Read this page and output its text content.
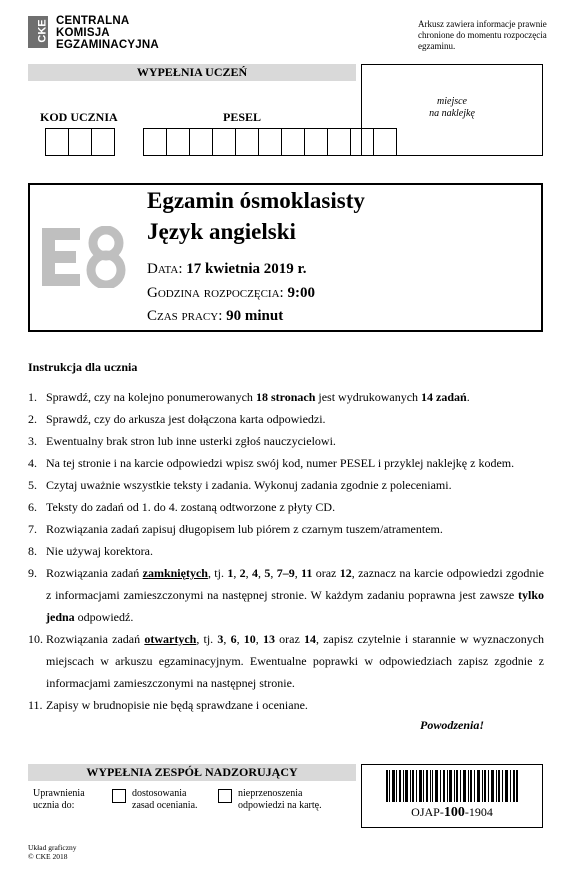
CKE CENTRALNA
KOMISJA
EGZAMINACYJNA
Arkusz zawiera informacje prawnie chronione do momentu rozpoczęcia egzaminu.
WYPEŁNIA UCZEŃ
KOD UCZNIA	PESEL
miejsce
na naklejkę
Egzamin ósmoklasisty
Język angielski
Data: 17 kwietnia 2019 r.
Godzina rozpoczęcia: 9:00
Czas pracy: 90 minut
Instrukcja dla ucznia
1. Sprawdź, czy na kolejno ponumerowanych 18 stronach jest wydrukowanych 14 zadań.
2. Sprawdź, czy do arkusza jest dołączona karta odpowiedzi.
3. Ewentualny brak stron lub inne usterki zgłoś nauczycielowi.
4. Na tej stronie i na karcie odpowiedzi wpisz swój kod, numer PESEL i przyklej naklejkę z kodem.
5. Czytaj uważnie wszystkie teksty i zadania. Wykonuj zadania zgodnie z poleceniami.
6. Teksty do zadań od 1. do 4. zostaną odtworzone z płyty CD.
7. Rozwiązania zadań zapisuj długopisem lub piórem z czarnym tuszem/atramentem.
8. Nie używaj korektora.
9. Rozwiązania zadań zamkniętych, tj. 1, 2, 4, 5, 7–9, 11 oraz 12, zaznacz na karcie odpowiedzi zgodnie z informacjami zamieszczonymi na następnej stronie. W każdym zadaniu poprawna jest zawsze tylko jedna odpowiedź.
10. Rozwiązania zadań otwartych, tj. 3, 6, 10, 13 oraz 14, zapisz czytelnie i starannie w wyznaczonych miejscach w arkuszu egzaminacyjnym. Ewentualne poprawki w odpowiedziach zapisz zgodnie z informacjami zamieszczonymi na następnej stronie.
11. Zapisy w brudnopisie nie będą sprawdzane i oceniane.
Powodzenia!
WYPEŁNIA ZESPÓŁ NADZORUJĄCY
Uprawnienia
ucznia do:
dostosowania
zasad oceniania.
nieprzenoszenia
odpowiedzi na kartę.	OJAP-100-1904
Układ graficzny
© CKE 2018
